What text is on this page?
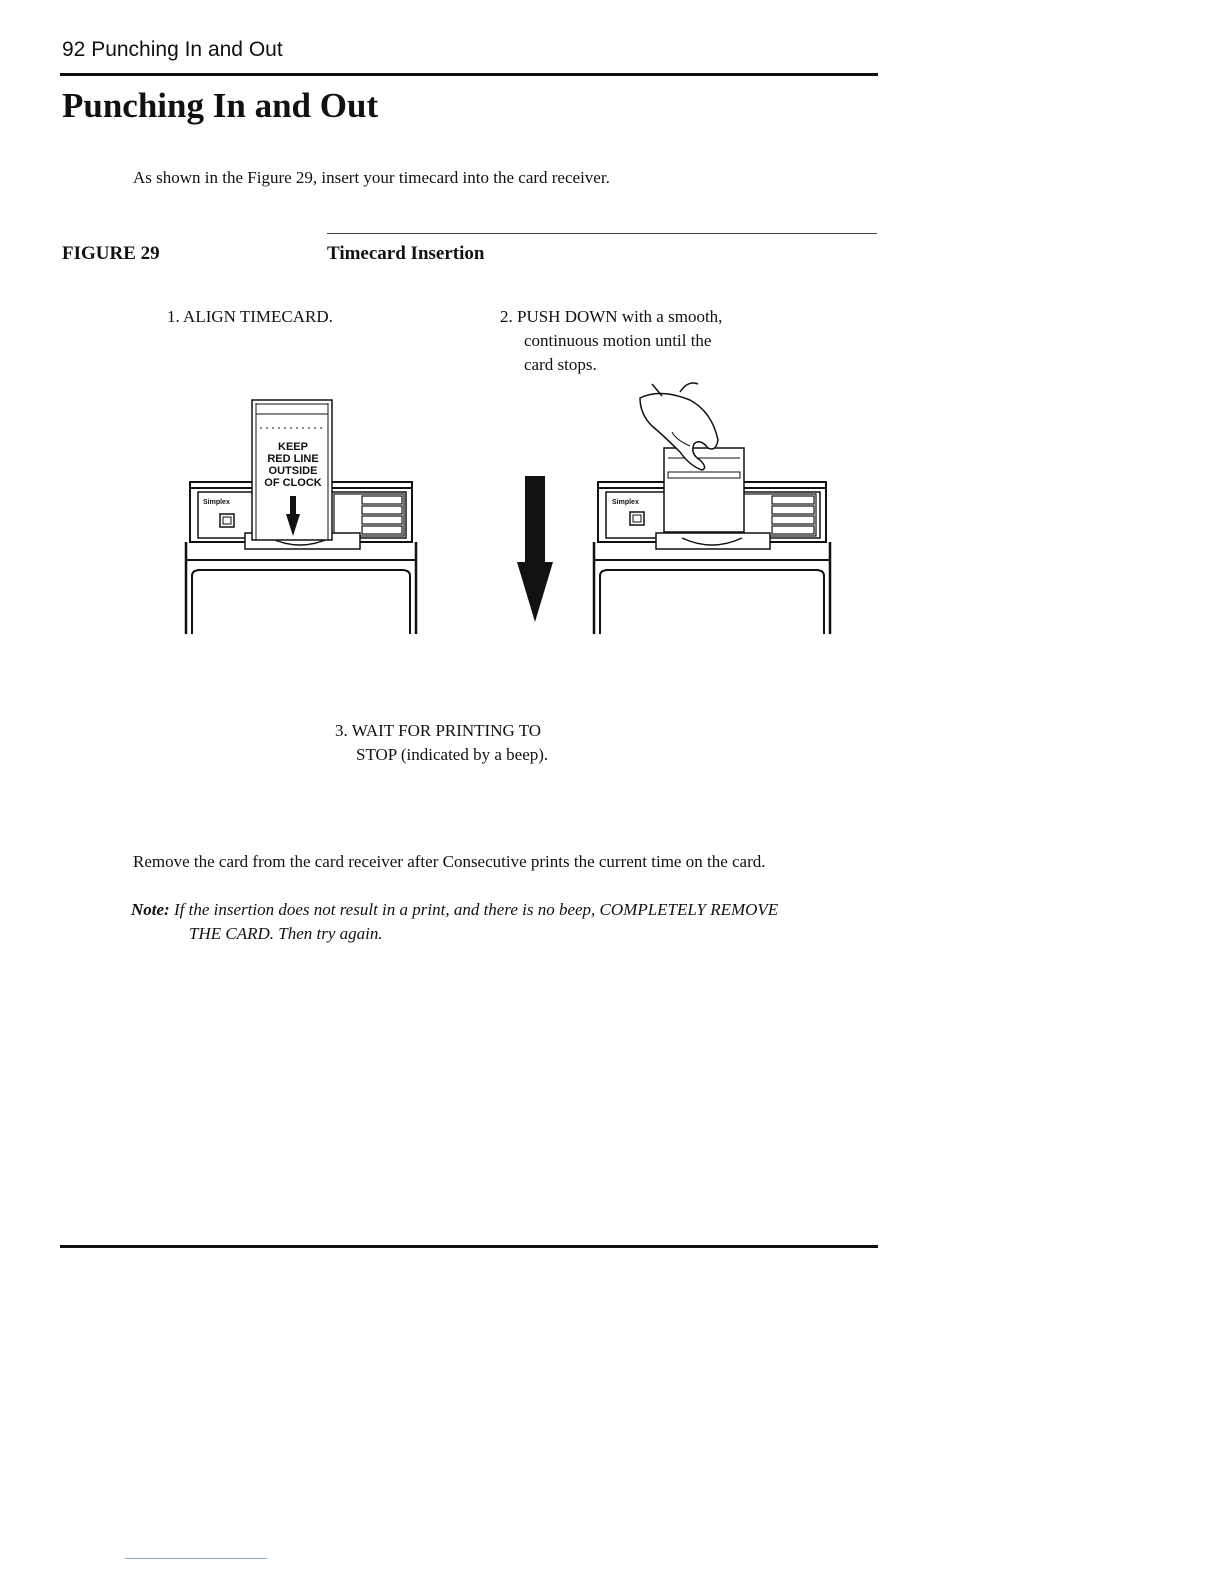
92 Punching In and Out
Punching In and Out
As shown in the Figure 29, insert your timecard into the card receiver.
FIGURE 29	Timecard Insertion
1. ALIGN TIMECARD.	2. PUSH DOWN with a smooth,
continuous motion until the
card stops.
Simplex
KEEP
RED LINE
OUTSIDE
OF CLOCK
Simplex
3. WAIT FOR PRINTING TO
STOP (indicated by a beep).
Remove the card from the card receiver after Consecutive prints the current time on the card.
Note: If the insertion does not result in a print, and there is no beep, COMPLETELY REMOVE
THE CARD. Then try again.
